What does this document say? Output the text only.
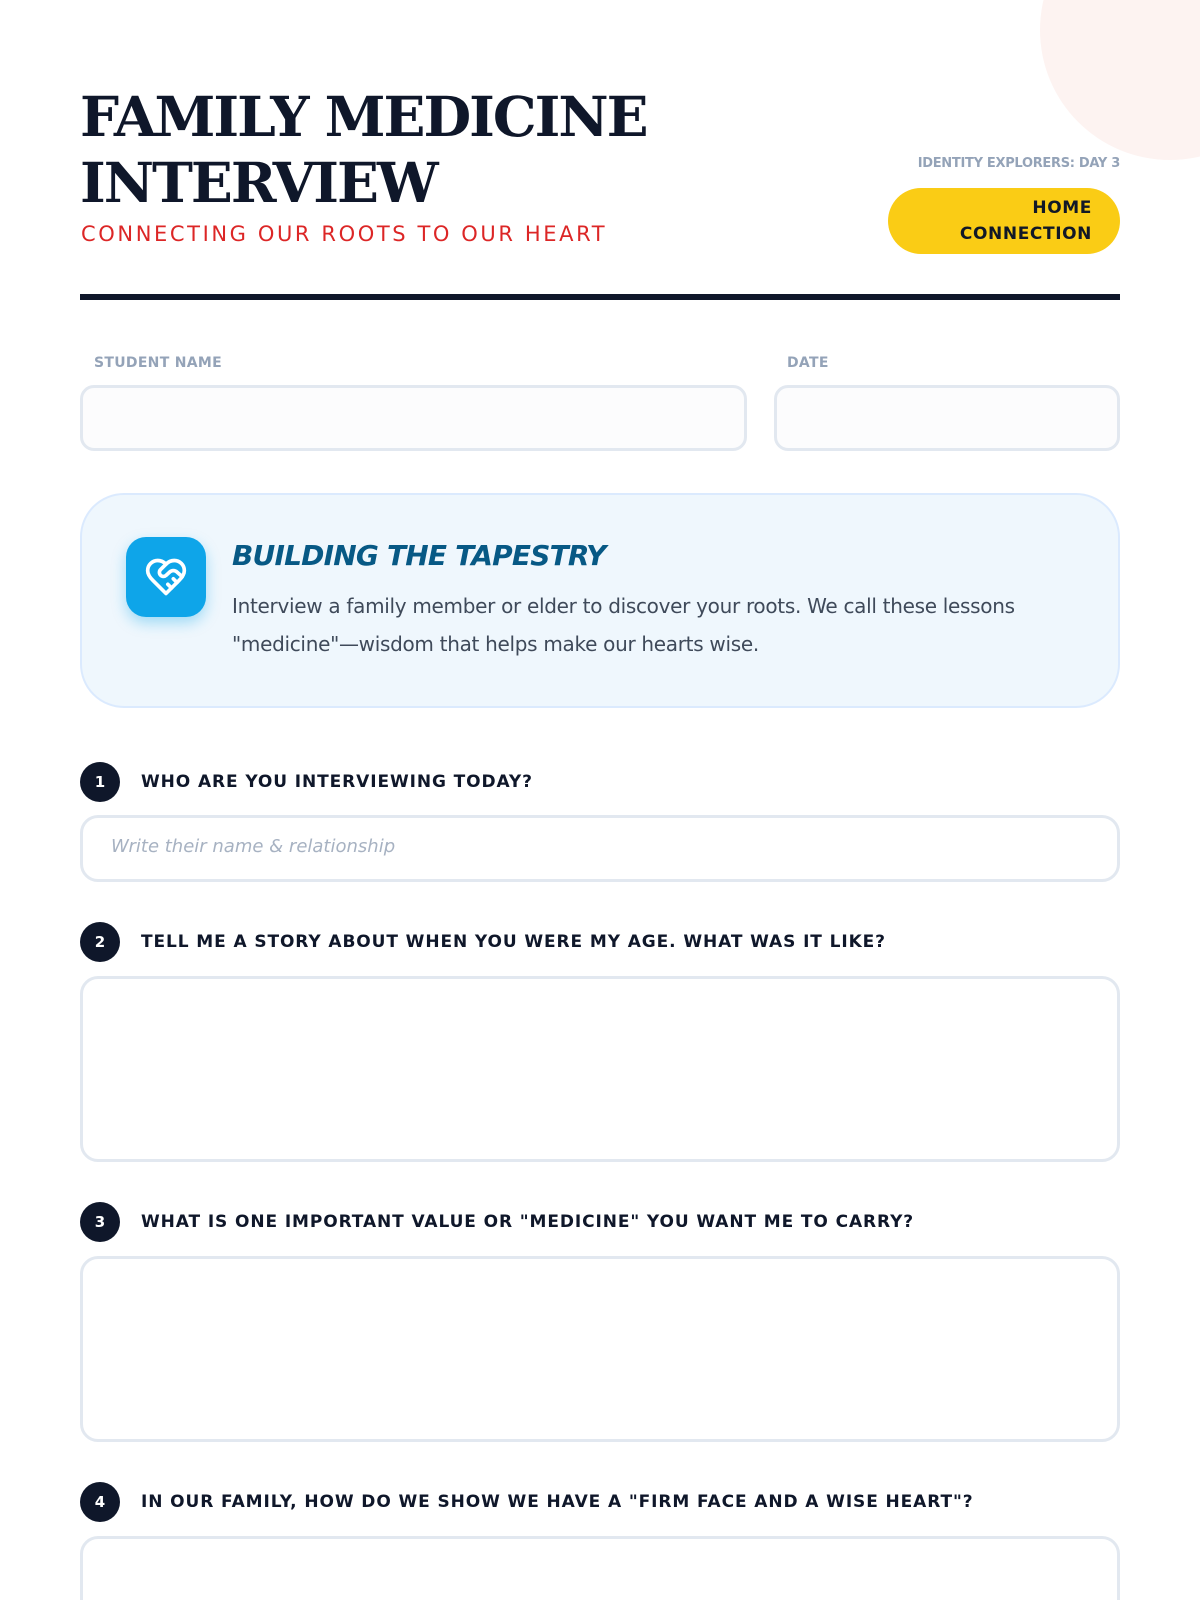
FAMILY MEDICINE INTERVIEW
CONNECTING OUR ROOTS TO OUR HEART
IDENTITY EXPLORERS: DAY 3
HOME CONNECTION
STUDENT NAME	DATE
BUILDING THE TAPESTRY

Interview a family member or elder to discover your roots. We call these lessons "medicine"—wisdom that helps make our hearts wise.

1	WHO ARE YOU INTERVIEWING TODAY?
Write their name & relationship
2	TELL ME A STORY ABOUT WHEN YOU WERE MY AGE. WHAT WAS IT LIKE?
3	WHAT IS ONE IMPORTANT VALUE OR "MEDICINE" YOU WANT ME TO CARRY?
4	IN OUR FAMILY, HOW DO WE SHOW WE HAVE A "FIRM FACE AND A WISE HEART"?
